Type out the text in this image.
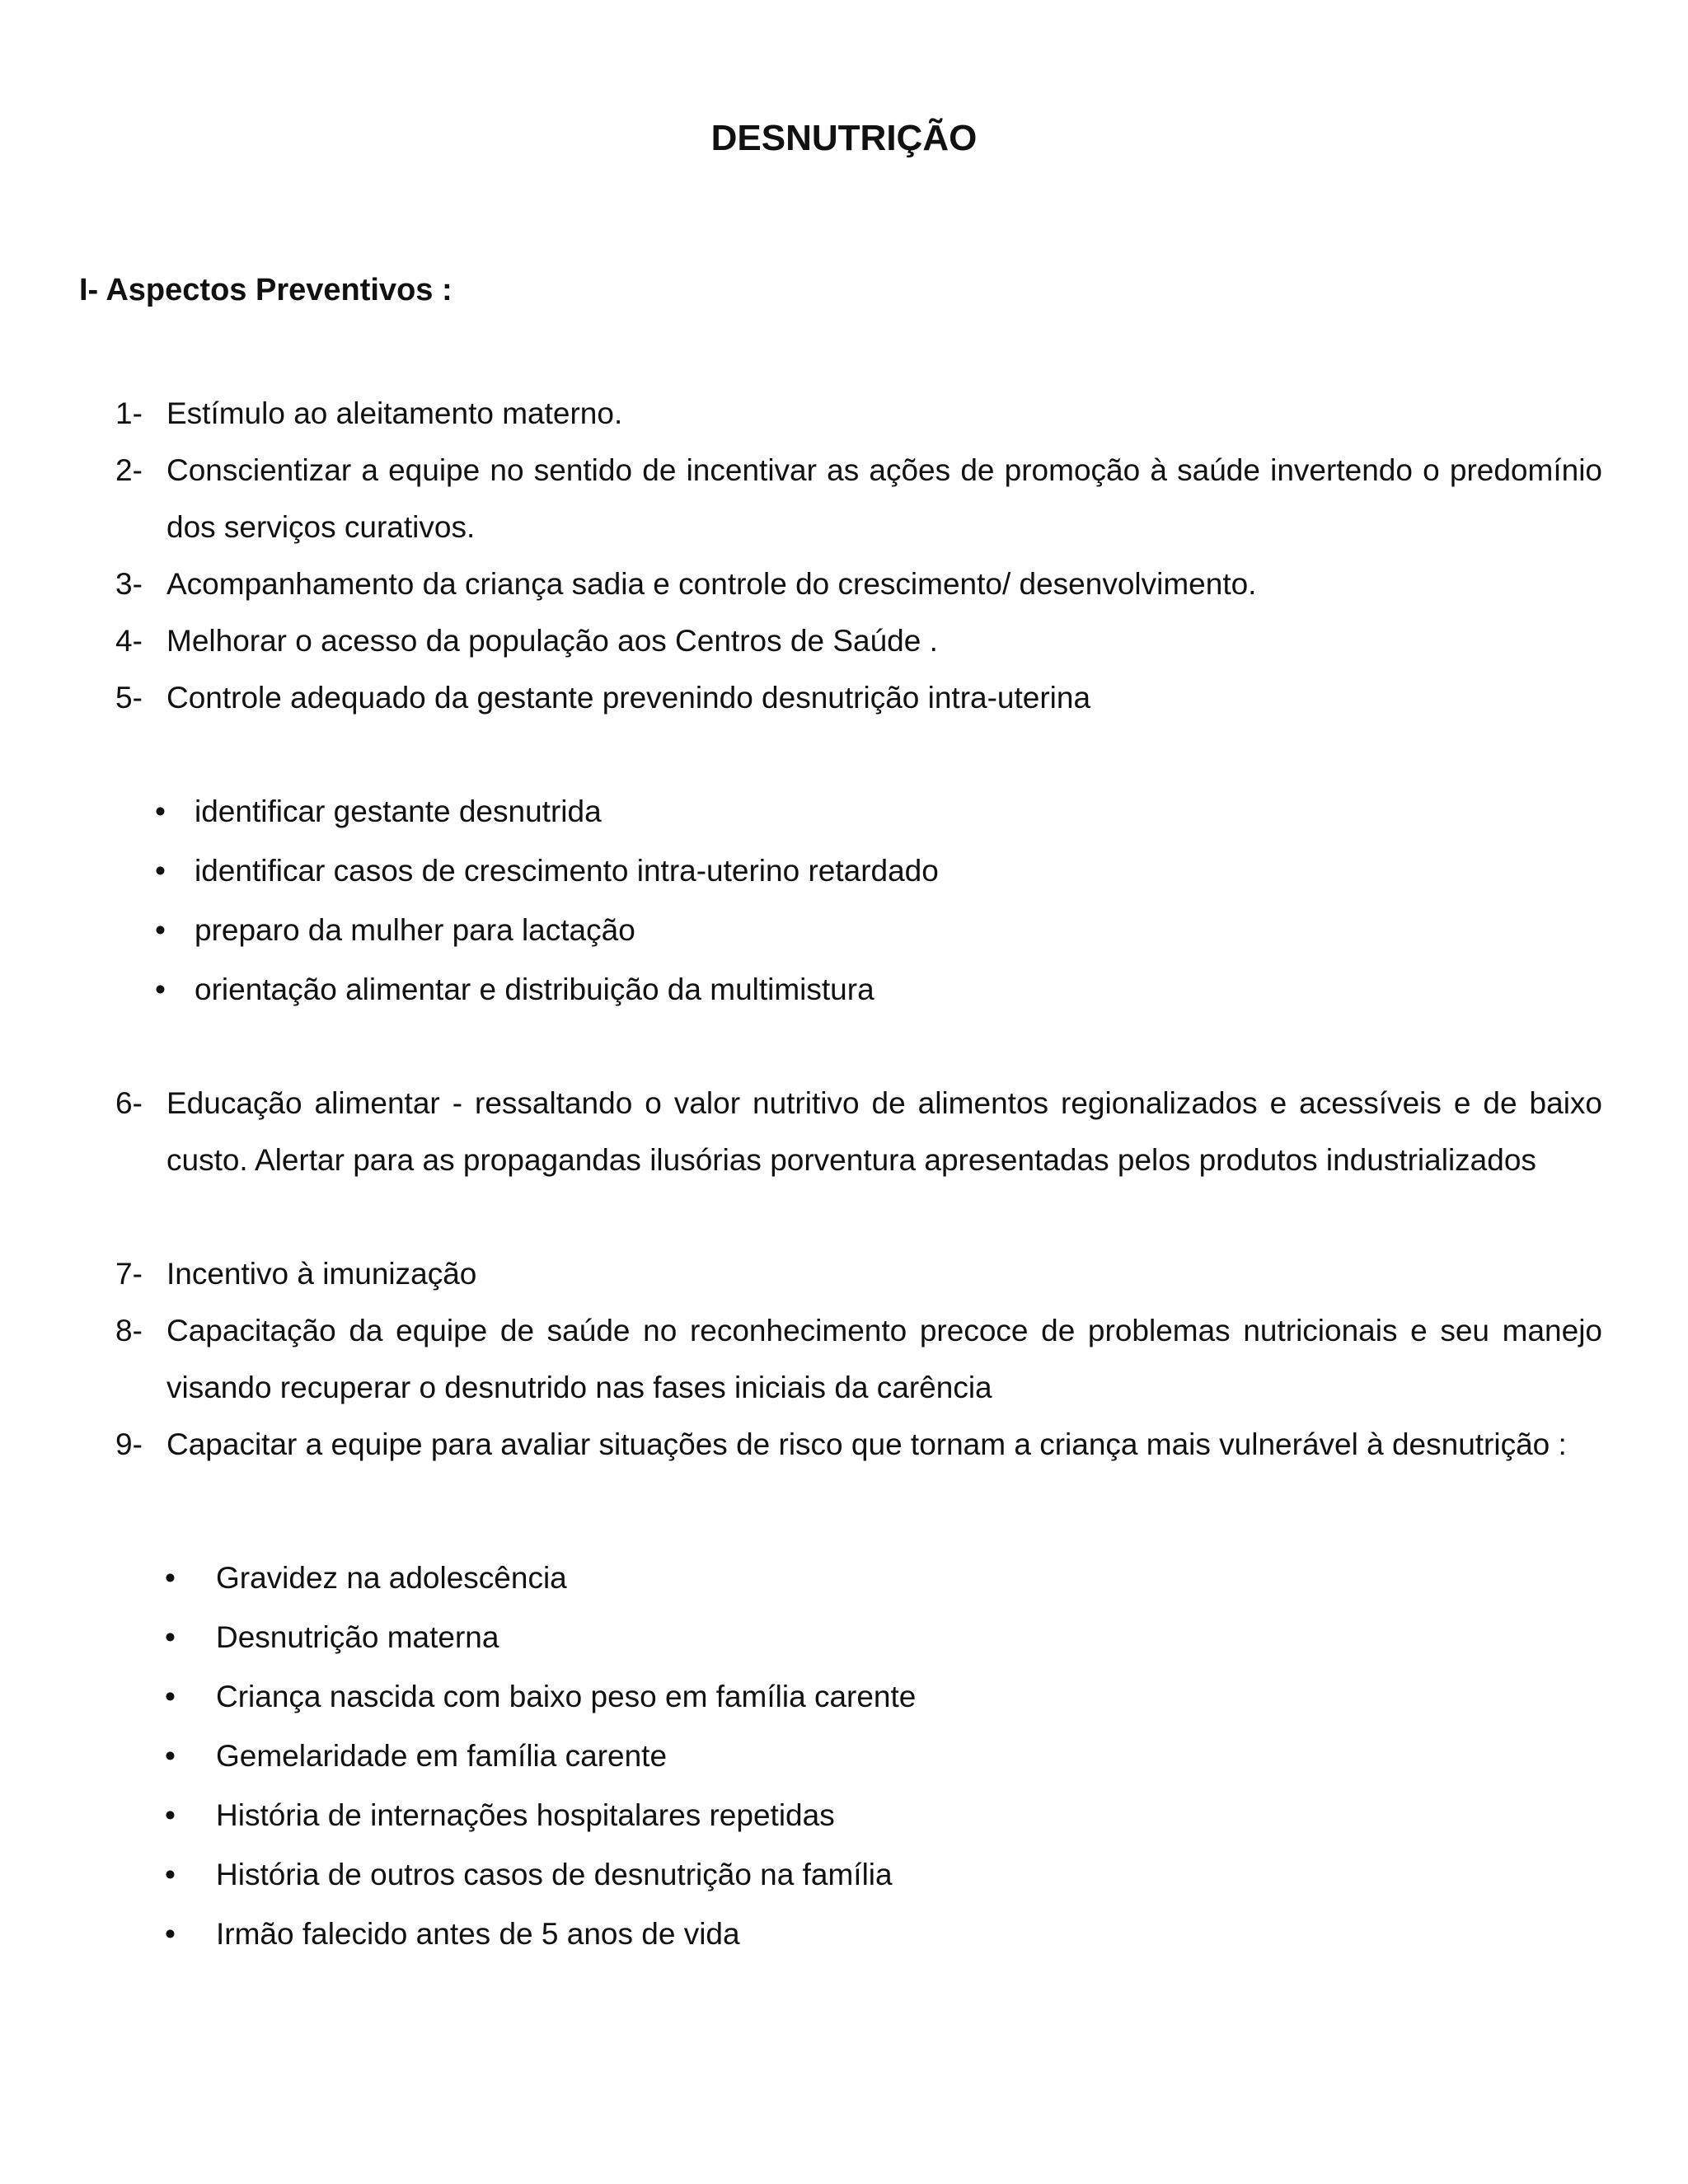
DESNUTRIÇÃO
I- Aspectos Preventivos :
1- Estímulo ao aleitamento materno.
2- Conscientizar a equipe no sentido de incentivar as ações de promoção à saúde invertendo o predomínio dos serviços curativos.
3- Acompanhamento da criança sadia e controle do crescimento/ desenvolvimento.
4- Melhorar o acesso da população aos Centros de Saúde .
5- Controle adequado da gestante prevenindo desnutrição intra-uterina
• identificar gestante desnutrida
• identificar casos de crescimento intra-uterino retardado
• preparo da mulher para lactação
• orientação alimentar e distribuição da multimistura
6- Educação alimentar - ressaltando o valor nutritivo de alimentos regionalizados e acessíveis e de baixo custo. Alertar para as propagandas ilusórias porventura apresentadas pelos produtos industrializados
7- Incentivo à imunização
8- Capacitação da equipe de saúde no reconhecimento precoce de problemas nutricionais e seu manejo visando recuperar o desnutrido nas fases iniciais da carência
9- Capacitar a equipe para avaliar situações de risco que tornam a criança mais vulnerável à desnutrição :
• Gravidez na adolescência
• Desnutrição materna
• Criança nascida com baixo peso em família carente
• Gemelaridade em família carente
• História de internações hospitalares repetidas
• História de outros casos de desnutrição na família
• Irmão falecido antes de 5 anos de vida
